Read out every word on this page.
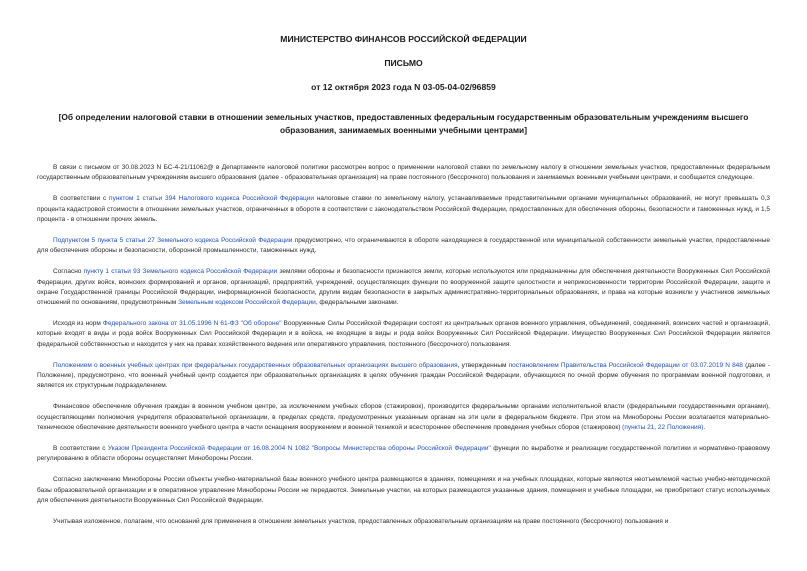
МИНИСТЕРСТВО ФИНАНСОВ РОССИЙСКОЙ ФЕДЕРАЦИИ
ПИСЬМО
от 12 октября 2023 года N 03-05-04-02/96859
[Об определении налоговой ставки в отношении земельных участков, предоставленных федеральным государственным образовательным учреждениям высшего образования, занимаемых военными учебными центрами]

В связи с письмом от 30.08.2023 N БС-4-21/11062@ в Департаменте налоговой политики рассмотрен вопрос о применении налоговой ставки по земельному налогу в отношении земельных участков, предоставленных федеральным государственным образовательным учреждениям высшего образования (далее - образовательная организация) на праве постоянного (бессрочного) пользования и занимаемых военными учебными центрами, и сообщается следующее.

В соответствии с пунктом 1 статьи 394 Налогового кодекса Российской Федерации налоговые ставки по земельному налогу, устанавливаемые представительными органами муниципальных образований, не могут превышать 0,3 процента кадастровой стоимости в отношении земельных участков, ограниченных в обороте в соответствии с законодательством Российской Федерации, предоставленных для обеспечения обороны, безопасности и таможенных нужд, и 1,5 процента - в отношении прочих земель.

Подпунктом 5 пункта 5 статьи 27 Земельного кодекса Российской Федерации предусмотрено, что ограничиваются в обороте находящиеся в государственной или муниципальной собственности земельные участки, предоставленные для обеспечения обороны и безопасности, оборонной промышленности, таможенных нужд.

Согласно пункту 1 статьи 93 Земельного кодекса Российской Федерации землями обороны и безопасности признаются земли, которые используются или предназначены для обеспечения деятельности Вооруженных Сил Российской Федерации, других войск, воинских формирований и органов, организаций, предприятий, учреждений, осуществляющих функции по вооруженной защите целостности и неприкосновенности территории Российской Федерации, защите и охране Государственной границы Российской Федерации, информационной безопасности, другим видам безопасности в закрытых административно-территориальных образованиях, и права на которые возникли у участников земельных отношений по основаниям, предусмотренным Земельным кодексом Российской Федерации, федеральными законами.

Исходя из норм Федерального закона от 31.05.1996 N 61-ФЗ "Об обороне" Вооруженные Силы Российской Федерации состоят из центральных органов военного управления, объединений, соединений, воинских частей и организаций, которые входят в виды и рода войск Вооруженных Сил Российской Федерации и в войска, не входящие в виды и рода войск Вооруженных Сил Российской Федерации. Имущество Вооруженных Сил Российской Федерации является федеральной собственностью и находится у них на правах хозяйственного ведения или оперативного управления, постоянного (бессрочного) пользования.

Положением о военных учебных центрах при федеральных государственных образовательных организациях высшего образования, утвержденным постановлением Правительства Российской Федерации от 03.07.2019 N 848 (далее - Положение), предусмотрено, что военный учебный центр создается при образовательных организациях в целях обучения граждан Российской Федерации, обучающихся по очной форме обучения по программам военной подготовки, и является их структурным подразделением.

Финансовое обеспечение обучения граждан в военном учебном центре, за исключением учебных сборов (стажировок), производится федеральными органами исполнительной власти (федеральными государственными органами), осуществляющими полномочия учредителя образовательной организации, в пределах средств, предусмотренных указанным органам на эти цели в федеральном бюджете. При этом на Минобороны России возлагается материально-техническое обеспечение деятельности военного учебного центра в части оснащения вооружением и военной техникой и всестороннее обеспечение проведения учебных сборов (стажировок) (пункты 21, 22 Положения).

В соответствии с Указом Президента Российской Федерации от 16.08.2004 N 1082 "Вопросы Министерства обороны Российской Федерации" функции по выработке и реализации государственной политики и нормативно-правовому регулированию в области обороны осуществляет Минобороны России.

Согласно заключению Минобороны России объекты учебно-материальной базы военного учебного центра размещаются в зданиях, помещениях и на учебных площадках, которые являются неотъемлемой частью учебно-методической базы образовательной организации и в оперативное управление Минобороны России не передаются. Земельные участки, на которых размещаются указанные здания, помещения и учебные площадки, не приобретают статус используемых для обеспечения деятельности Вооруженных Сил Российской Федерации.

Учитывая изложенное, полагаем, что оснований для применения в отношении земельных участков, предоставленных образовательным организациям на праве постоянного (бессрочного) пользования и
